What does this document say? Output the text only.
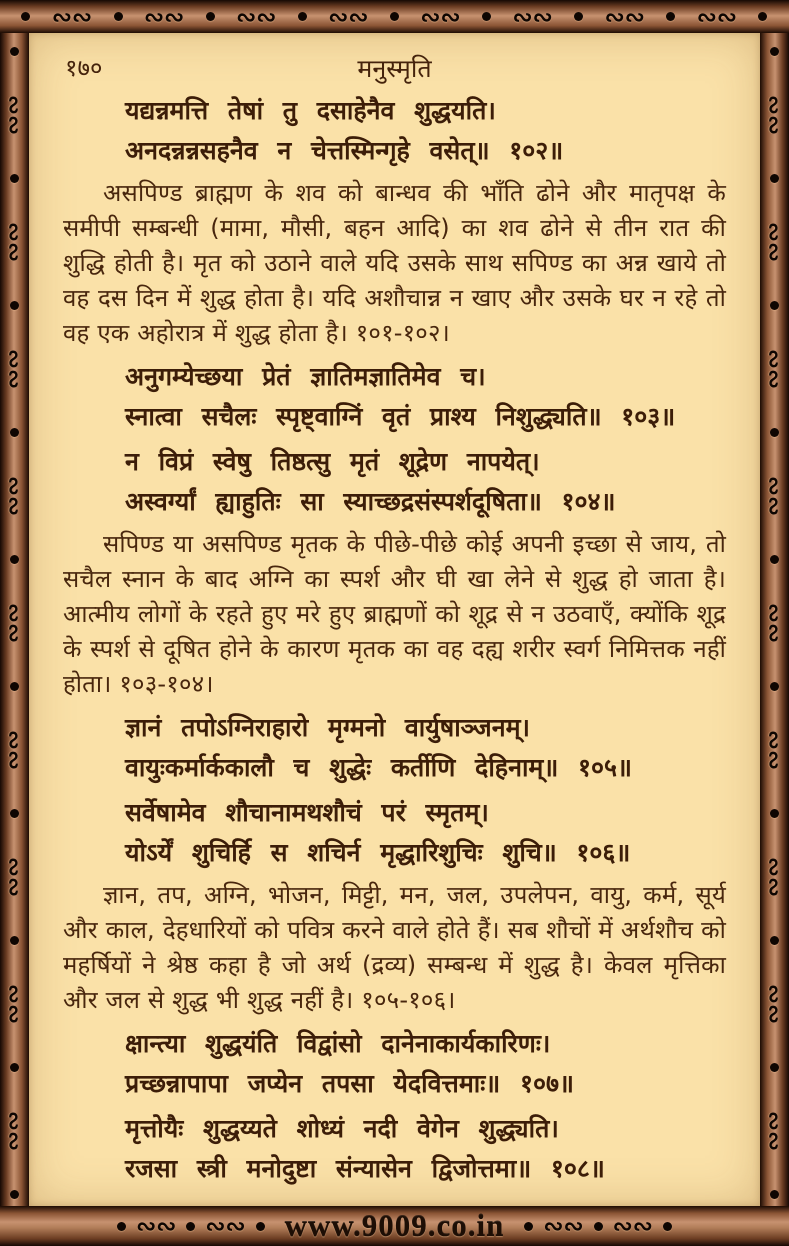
∾∾
∾∾
∾∾
∾∾
∾∾
∾∾
∾∾
∾∾
∾∾
∾∾
∾∾
∾∾
∾∾
∾∾
∾∾
∾∾
∾∾
∾∾
∾∾ ∾∾ ∾∾ ∾∾ ∾∾ ∾∾ ∾∾ ∾∾
∾∾ ∾∾ www.9009.co.in ∾∾ ∾∾
१७०	मनुस्मृति
यद्यन्नमत्ति तेषां तु दसाहेनैव शुद्धयति।
अनदन्नन्नसहनैव न चेत्तस्मिन्गृहे वसेत्॥ १०२॥
असपिण्ड ब्राह्मण के शव को बान्धव की भाँति ढोने और मातृपक्ष के समीपी सम्बन्धी (मामा, मौसी, बहन आदि) का शव ढोने से तीन रात की शुद्धि होती है। मृत को उठाने वाले यदि उसके साथ सपिण्ड का अन्न खाये तो वह दस दिन में शुद्ध होता है। यदि अशौचान्न न खाए और उसके घर न रहे तो वह एक अहोरात्र में शुद्ध होता है। १०१-१०२।
अनुगम्येच्छया प्रेतं ज्ञातिमज्ञातिमेव च।
स्नात्वा सचैलः स्पृष्ट्वाग्निं वृतं प्राश्य निशुद्ध्यति॥ १०३॥
न विप्रं स्वेषु तिष्ठत्सु मृतं शूद्रेण नापयेत्।
अस्वर्ग्यां ह्याहुतिः सा स्याच्छद्रसंस्पर्शदूषिता॥ १०४॥
सपिण्ड या असपिण्ड मृतक के पीछे-पीछे कोई अपनी इच्छा से जाय, तो सचैल स्नान के बाद अग्नि का स्पर्श और घी खा लेने से शुद्ध हो जाता है। आत्मीय लोगों के रहते हुए मरे हुए ब्राह्मणों को शूद्र से न उठवाएँ, क्योंकि शूद्र के स्पर्श से दूषित होने के कारण मृतक का वह दह्य शरीर स्वर्ग निमित्तक नहीं होता। १०३-१०४।
ज्ञानं तपोऽग्निराहारो मृग्मनो वार्युषाञ्जनम्।
वायुःकर्मार्ककालौ च शुद्धेः कर्तीणि देहिनाम्॥ १०५॥
सर्वेषामेव शौचानामथशौचं परं स्मृतम्।
योऽर्यें शुचिर्हि स शचिर्न मृद्धारिशुचिः शुचि॥ १०६॥
ज्ञान, तप, अग्नि, भोजन, मिट्टी, मन, जल, उपलेपन, वायु, कर्म, सूर्य और काल, देहधारियों को पवित्र करने वाले होते हैं। सब शौचों में अर्थशौच को महर्षियों ने श्रेष्ठ कहा है जो अर्थ (द्रव्य) सम्बन्ध में शुद्ध है। केवल मृत्तिका और जल से शुद्ध भी शुद्ध नहीं है। १०५-१०६।
क्षान्त्या शुद्धयंति विद्वांसो दानेनाकार्यकारिणः।
प्रच्छन्नापापा जप्येन तपसा येदवित्तमाः॥ १०७॥
मृत्तोयैः शुद्धय्यते शोध्यं नदी वेगेन शुद्ध्यति।
रजसा स्त्री मनोदुष्टा संन्यासेन द्विजोत्तमा॥ १०८॥
